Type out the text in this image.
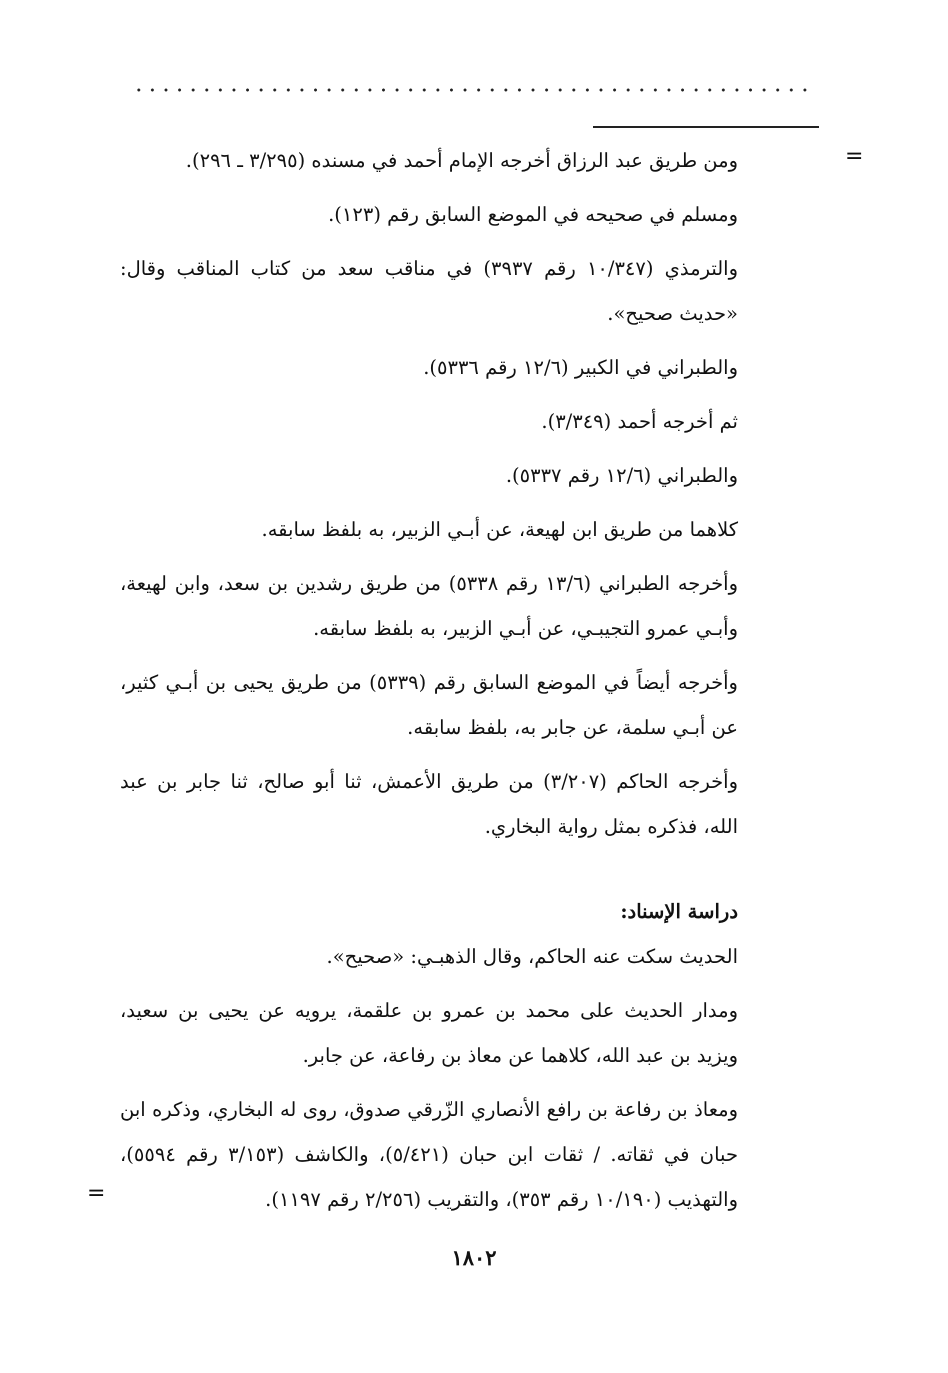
=
=

ومن طريق عبد الرزاق أخرجه الإمام أحمد في مسنده (٣/٢٩٥ ـ ٢٩٦).

ومسلم في صحيحه في الموضع السابق رقم (١٢٣).

والترمذي (١٠/٣٤٧ رقم ٣٩٣٧) في مناقب سعد من كتاب المناقب وقال: «حديث صحيح».

والطبراني في الكبير (١٢/٦ رقم ٥٣٣٦).

ثم أخرجه أحمد (٣/٣٤٩).

والطبراني (١٢/٦ رقم ٥٣٣٧).

كلاهما من طريق ابن لهيعة، عن أبـي الزبير، به بلفظ سابقه.

وأخرجه الطبراني (١٣/٦ رقم ٥٣٣٨) من طريق رشدين بن سعد، وابن لهيعة، وأبـي عمرو التجيبـي، عن أبـي الزبير، به بلفظ سابقه.

وأخرجه أيضاً في الموضع السابق رقم (٥٣٣٩) من طريق يحيى بن أبـي كثير، عن أبـي سلمة، عن جابر به، بلفظ سابقه.

وأخرجه الحاكم (٣/٢٠٧) من طريق الأعمش، ثنا أبو صالح، ثنا جابر بن عبد الله، فذكره بمثل رواية البخاري.

دراسة الإسناد:

الحديث سكت عنه الحاكم، وقال الذهبـي: «صحيح».

ومدار الحديث على محمد بن عمرو بن علقمة، يرويه عن يحيى بن سعيد، ويزيد بن عبد الله، كلاهما عن معاذ بن رفاعة، عن جابر.

ومعاذ بن رفاعة بن رافع الأنصاري الزّرقي صدوق، روى له البخاري، وذكره ابن حبان في ثقاته. / ثقات ابن حبان (٥/٤٢١)، والكاشف (٣/١٥٣ رقم ٥٥٩٤)، والتهذيب (١٠/١٩٠ رقم ٣٥٣)، والتقريب (٢/٢٥٦ رقم ١١٩٧).

١٨٠٢
